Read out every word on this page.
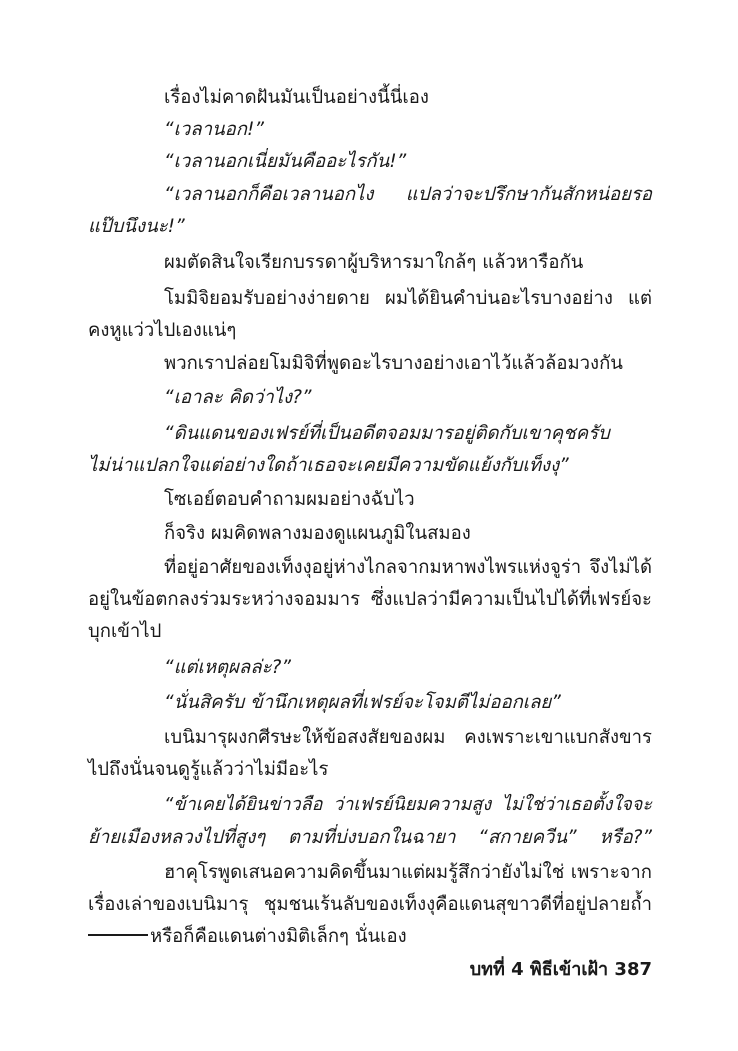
เรื่องไม่คาดฝันมันเป็นอย่างนี้นี่เอง
“เวลานอก!”
“เวลานอกเนี่ยมันคืออะไรกัน!”
“เวลานอกก็คือเวลานอกไง แปลว่าจะปรึกษากันสักหน่อยรอ
แป๊บนึงนะ!”
ผมตัดสินใจเรียกบรรดาผู้บริหารมาใกล้ๆ แล้วหารือกัน
โมมิจิยอมรับอย่างง่ายดาย ผมได้ยินคำบ่นอะไรบางอย่าง แต่
คงหูแว่วไปเองแน่ๆ
พวกเราปล่อยโมมิจิที่พูดอะไรบางอย่างเอาไว้แล้วล้อมวงกัน
“เอาละ คิดว่าไง?”
“ดินแดนของเฟรย์ที่เป็นอดีตจอมมารอยู่ติดกับเขาคุชครับ
ไม่น่าแปลกใจแต่อย่างใดถ้าเธอจะเคยมีความขัดแย้งกับเท็งงุ”
โซเอย์ตอบคำถามผมอย่างฉับไว
ก็จริง ผมคิดพลางมองดูแผนภูมิในสมอง
ที่อยู่อาศัยของเท็งงุอยู่ห่างไกลจากมหาพงไพรแห่งจูร่า จึงไม่ได้
อยู่ในข้อตกลงร่วมระหว่างจอมมาร ซึ่งแปลว่ามีความเป็นไปได้ที่เฟรย์จะ
บุกเข้าไป
“แต่เหตุผลล่ะ?”
“นั่นสิครับ ข้านึกเหตุผลที่เฟรย์จะโจมตีไม่ออกเลย”
เบนิมารุผงกศีรษะให้ข้อสงสัยของผม คงเพราะเขาแบกสังขาร
ไปถึงนั่นจนดูรู้แล้วว่าไม่มีอะไร
“ข้าเคยได้ยินข่าวลือ ว่าเฟรย์นิยมความสูง ไม่ใช่ว่าเธอตั้งใจจะ
ย้ายเมืองหลวงไปที่สูงๆ ตามที่บ่งบอกในฉายา “สกายควีน” หรือ?”
ฮาคุโรพูดเสนอความคิดขึ้นมาแต่ผมรู้สึกว่ายังไม่ใช่ เพราะจาก
เรื่องเล่าของเบนิมารุ ชุมชนเร้นลับของเท็งงุคือแดนสุขาวดีที่อยู่ปลายถ้ำ
หรือก็คือแดนต่างมิติเล็กๆ นั่นเอง
บทที่ 4 พิธีเข้าเฝ้า 387
